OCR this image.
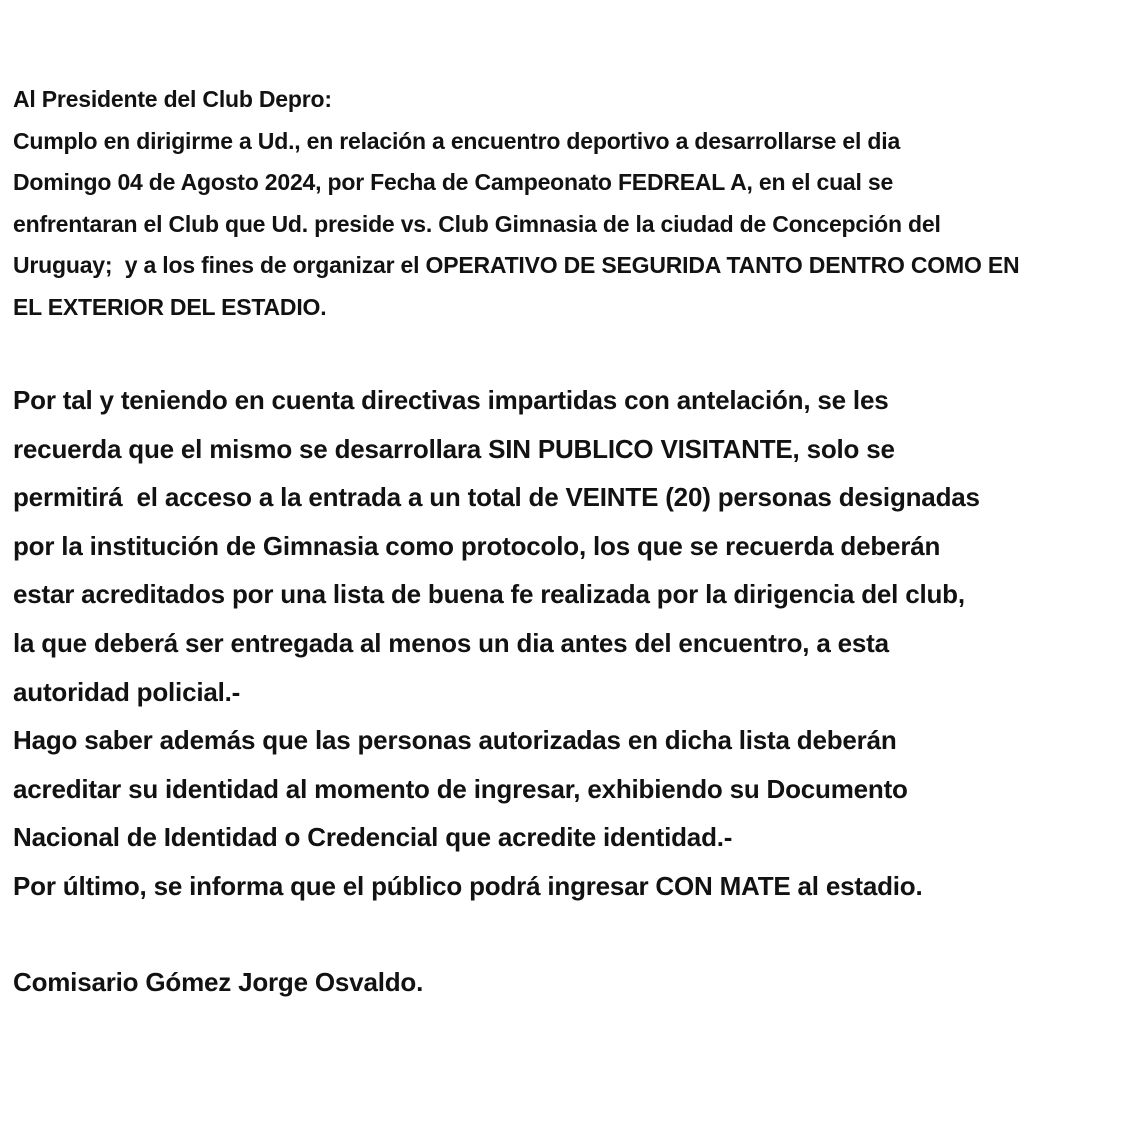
Al Presidente del Club Depro:
Cumplo en dirigirme a Ud., en relación a encuentro deportivo a desarrollarse el dia
Domingo 04 de Agosto 2024, por Fecha de Campeonato FEDREAL A, en el cual se
enfrentaran el Club que Ud. preside vs. Club Gimnasia de la ciudad de Concepción del
Uruguay;  y a los fines de organizar el OPERATIVO DE SEGURIDA TANTO DENTRO COMO EN
EL EXTERIOR DEL ESTADIO.
Por tal y teniendo en cuenta directivas impartidas con antelación, se les
recuerda que el mismo se desarrollara SIN PUBLICO VISITANTE, solo se
permitirá  el acceso a la entrada a un total de VEINTE (20) personas designadas
por la institución de Gimnasia como protocolo, los que se recuerda deberán
estar acreditados por una lista de buena fe realizada por la dirigencia del club,
la que deberá ser entregada al menos un dia antes del encuentro, a esta
autoridad policial.-
Hago saber además que las personas autorizadas en dicha lista deberán
acreditar su identidad al momento de ingresar, exhibiendo su Documento
Nacional de Identidad o Credencial que acredite identidad.-
Por último, se informa que el público podrá ingresar CON MATE al estadio.
Comisario Gómez Jorge Osvaldo.
